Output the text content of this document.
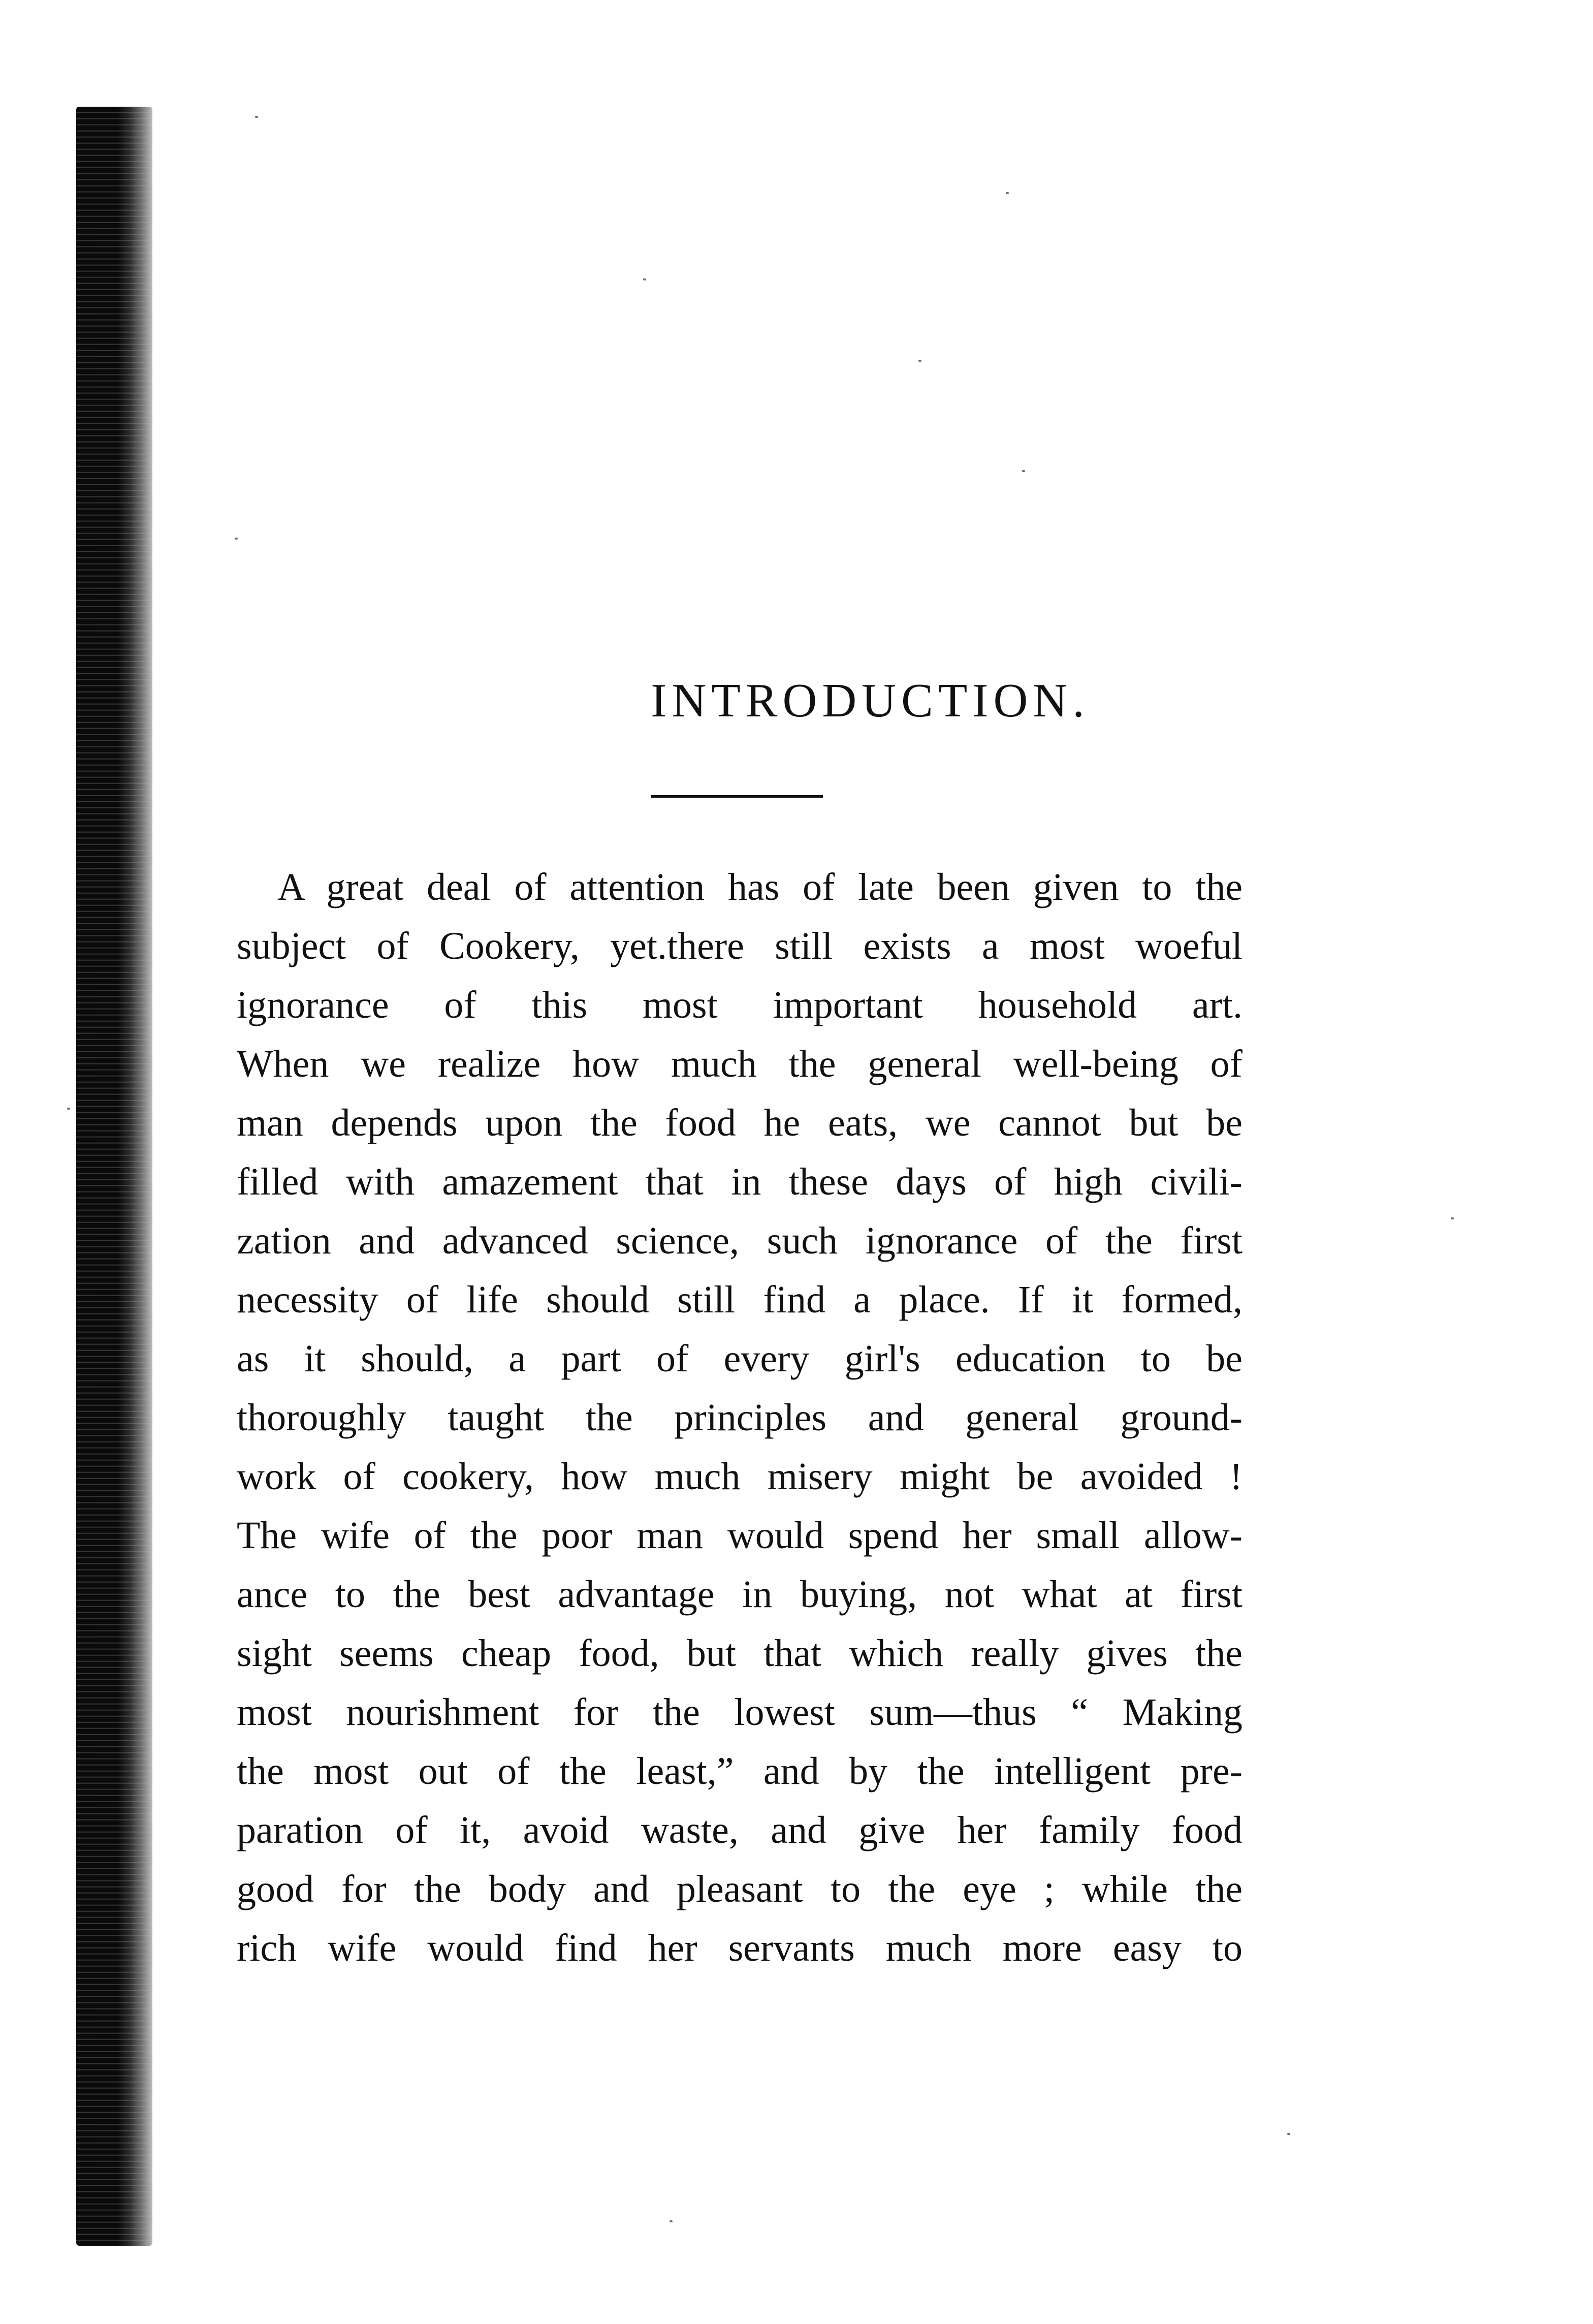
INTRODUCTION.
A great deal of attention has of late been given to the
subject of Cookery, yet.there still exists a most woeful
ignorance of this most important household art.
When we realize how much the general well-being of
man depends upon the food he eats, we cannot but be
filled with amazement that in these days of high civili-
zation and advanced science, such ignorance of the first
necessity of life should still find a place. If it formed,
as it should, a part of every girl's education to be
thoroughly taught the principles and general ground-
work of cookery, how much misery might be avoided !
The wife of the poor man would spend her small allow-
ance to the best advantage in buying, not what at first
sight seems cheap food, but that which really gives the
most nourishment for the lowest sum—thus “ Making
the most out of the least,” and by the intelligent pre-
paration of it, avoid waste, and give her family food
good for the body and pleasant to the eye ; while the
rich wife would find her servants much more easy to
